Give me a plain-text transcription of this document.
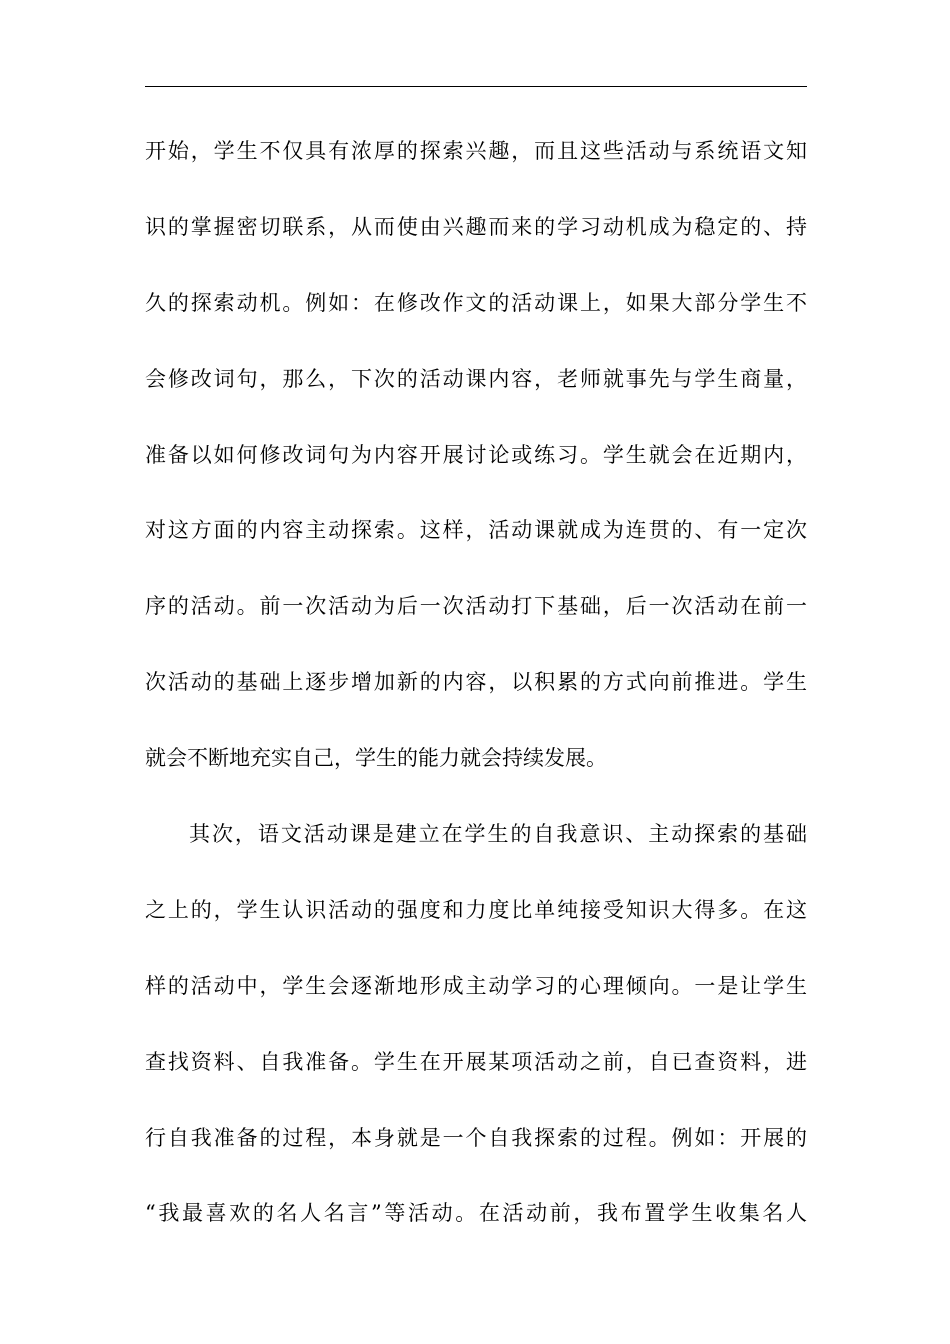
开始，学生不仅具有浓厚的探索兴趣，而且这些活动与系统语文知
识的掌握密切联系，从而使由兴趣而来的学习动机成为稳定的、持
久的探索动机。例如：在修改作文的活动课上，如果大部分学生不
会修改词句，那么，下次的活动课内容，老师就事先与学生商量，
准备以如何修改词句为内容开展讨论或练习。学生就会在近期内，
对这方面的内容主动探索。这样，活动课就成为连贯的、有一定次
序的活动。前一次活动为后一次活动打下基础，后一次活动在前一
次活动的基础上逐步增加新的内容，以积累的方式向前推进。学生
就会不断地充实自己，学生的能力就会持续发展。
其次，语文活动课是建立在学生的自我意识、主动探索的基础
之上的，学生认识活动的强度和力度比单纯接受知识大得多。在这
样的活动中，学生会逐渐地形成主动学习的心理倾向。一是让学生
查找资料、自我准备。学生在开展某项活动之前，自已查资料，进
行自我准备的过程，本身就是一个自我探索的过程。例如：开展的
“我最喜欢的名人名言”等活动。在活动前，我布置学生收集名人
